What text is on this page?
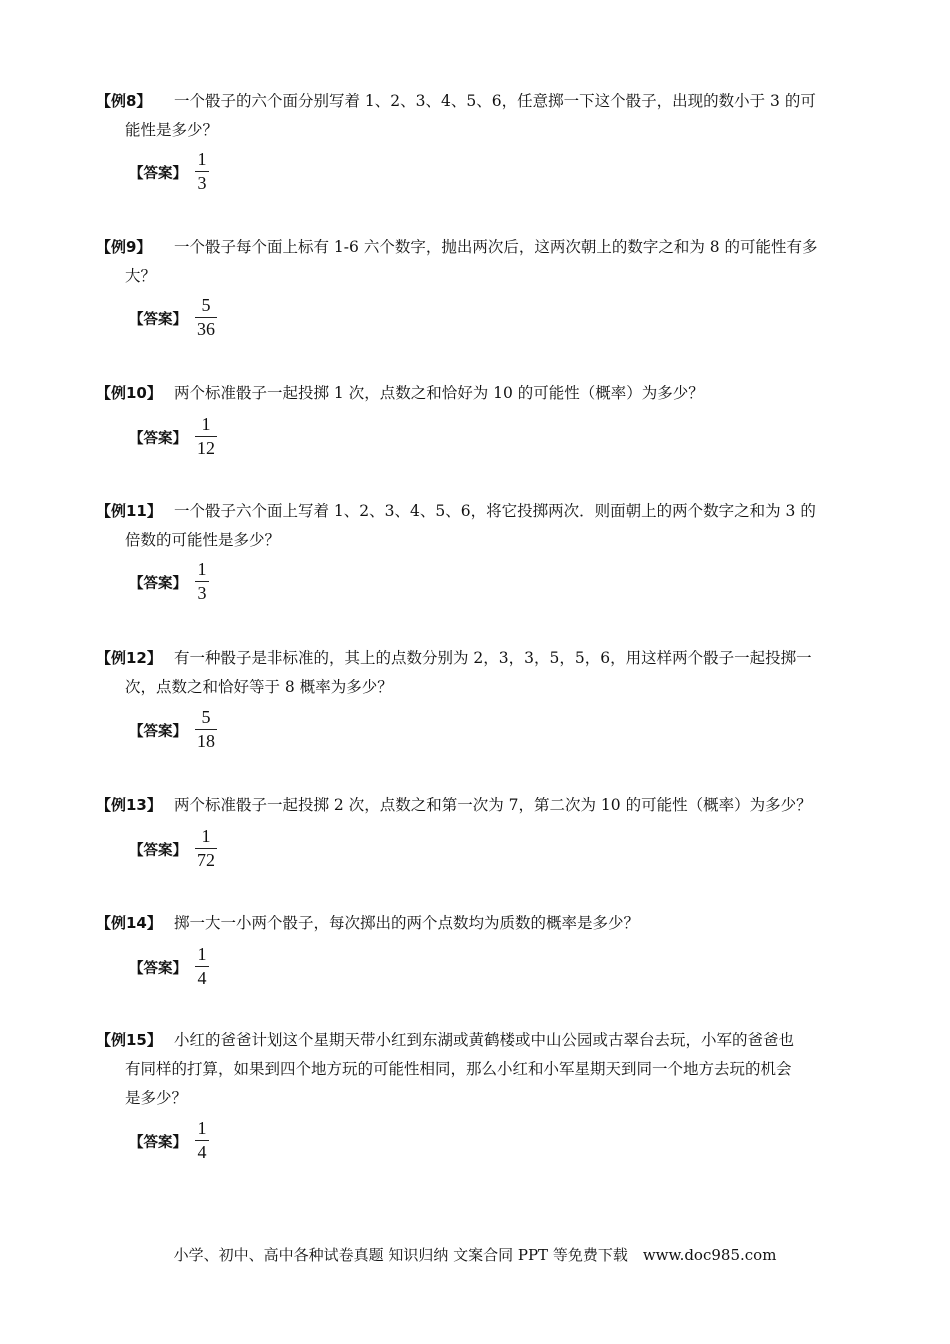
【例8】 一个骰子的六个面分别写着 1、2、3、4、5、6，任意掷一下这个骰子，出现的数小于 3 的可
能性是多少？
【答案】
1
3
【例9】 一个骰子每个面上标有 1-6 六个数字，抛出两次后，这两次朝上的数字之和为 8 的可能性有多
大？
【答案】
5
36
【例10】 两个标准骰子一起投掷 1 次，点数之和恰好为 10 的可能性（概率）为多少？
【答案】
1
12
【例11】 一个骰子六个面上写着 1、2、3、4、5、6，将它投掷两次．则面朝上的两个数字之和为 3 的
倍数的可能性是多少？
【答案】
1
3
【例12】 有一种骰子是非标准的，其上的点数分别为 2，3，3，5，5，6，用这样两个骰子一起投掷一
次，点数之和恰好等于 8 概率为多少？
【答案】
5
18
【例13】 两个标准骰子一起投掷 2 次，点数之和第一次为 7，第二次为 10 的可能性（概率）为多少？
【答案】
1
72
【例14】 掷一大一小两个骰子，每次掷出的两个点数均为质数的概率是多少？
【答案】
1
4
【例15】 小红的爸爸计划这个星期天带小红到东湖或黄鹤楼或中山公园或古翠台去玩，小军的爸爸也
有同样的打算，如果到四个地方玩的可能性相同，那么小红和小军星期天到同一个地方去玩的机会
是多少？
【答案】
1
4
小学、初中、高中各种试卷真题 知识归纳 文案合同 PPT 等免费下载　www.doc985.com
